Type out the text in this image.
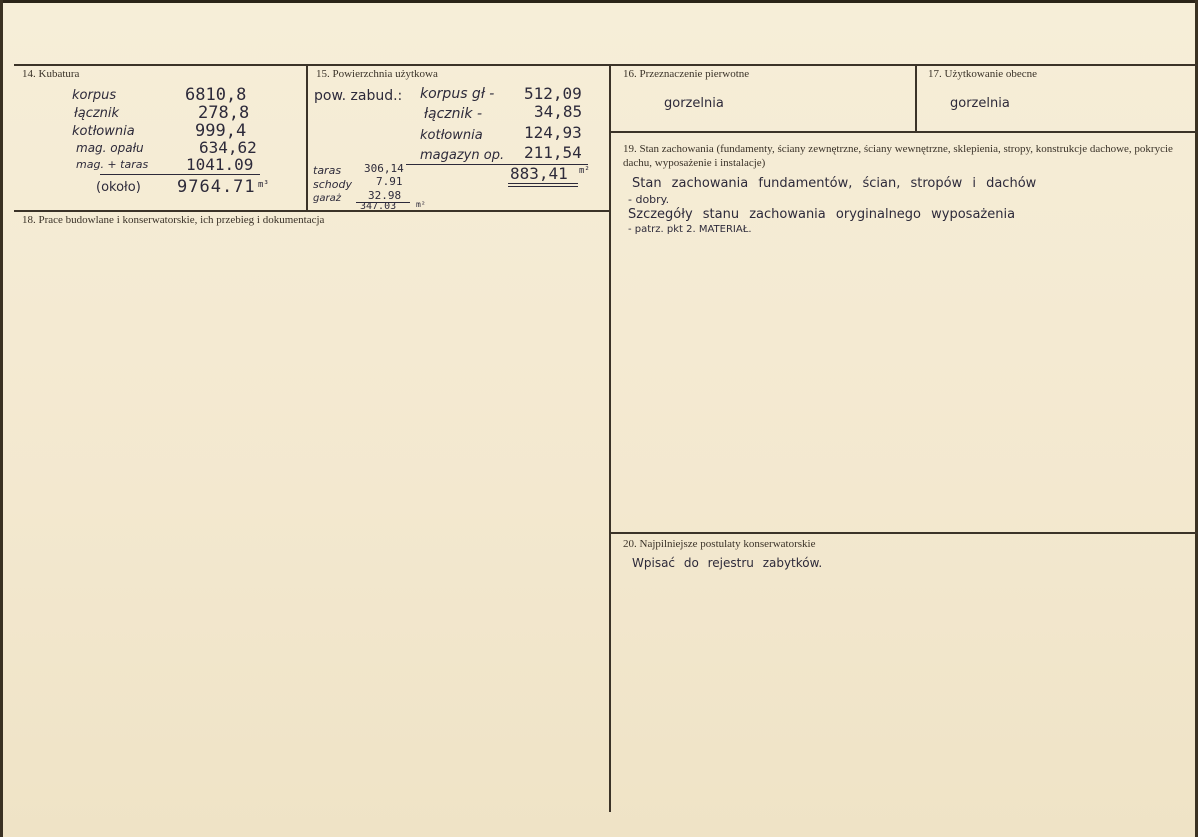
14. Kubatura
korpus	6810,8
łącznik	278,8
kotłownia	999,4
mag. opału	634,62
mag. + taras 1041.09
(około) 9764.71 m³
15. Powierzchnia użytkowa
pow. zabud.: korpus gł - 512,09
łącznik -	34,85
kotłownia	124,93
magazyn op. 211,54
883,41 m²
taras 306,14
schody 7.91
garaż 32.98
347.03 m²
16. Przeznaczenie pierwotne
gorzelnia
17. Użytkowanie obecne
gorzelnia
18. Prace budowlane i konserwatorskie, ich przebieg i dokumentacja
19. Stan zachowania (fundamenty, ściany zewnętrzne, ściany wewnętrzne, sklepienia, stropy, konstrukcje dachowe, pokrycie dachu, wyposażenie i instalacje)
Stan zachowania fundamentów, ścian, stropów i dachów
- dobry.
Szczegóły stanu zachowania oryginalnego wyposażenia
- patrz. pkt 2. MATERIAŁ.
20. Najpilniejsze postulaty konserwatorskie
Wpisać do rejestru zabytków.
